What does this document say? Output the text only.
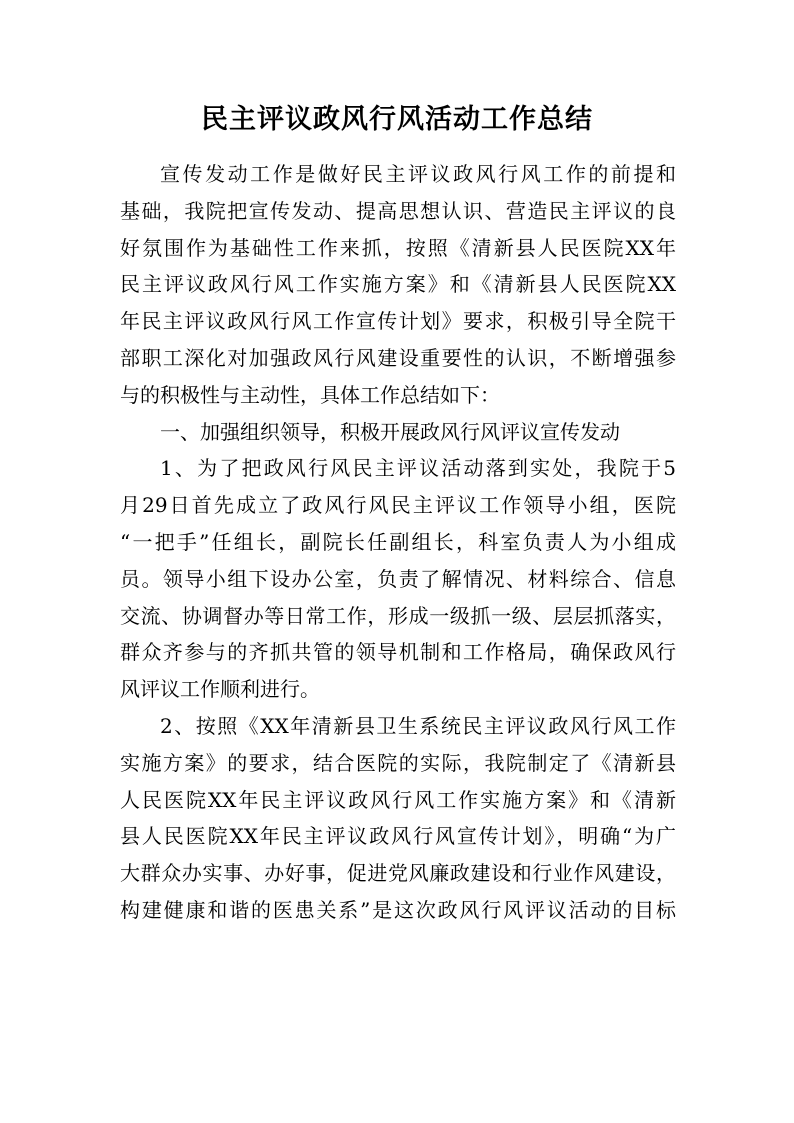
民主评议政风行风活动工作总结
宣传发动工作是做好民主评议政风行风工作的前提和
基础，我院把宣传发动、提高思想认识、营造民主评议的良
好氛围作为基础性工作来抓，按照《清新县人民医院XX年
民主评议政风行风工作实施方案》和《清新县人民医院XX
年民主评议政风行风工作宣传计划》要求，积极引导全院干
部职工深化对加强政风行风建设重要性的认识，不断增强参
与的积极性与主动性，具体工作总结如下：
一、加强组织领导，积极开展政风行风评议宣传发动
1、为了把政风行风民主评议活动落到实处，我院于5
月29日首先成立了政风行风民主评议工作领导小组，医院
“一把手”任组长，副院长任副组长，科室负责人为小组成
员。领导小组下设办公室，负责了解情况、材料综合、信息
交流、协调督办等日常工作，形成一级抓一级、层层抓落实，
群众齐参与的齐抓共管的领导机制和工作格局，确保政风行
风评议工作顺利进行。
2、按照《XX年清新县卫生系统民主评议政风行风工作
实施方案》的要求，结合医院的实际，我院制定了《清新县
人民医院XX年民主评议政风行风工作实施方案》和《清新
县人民医院XX年民主评议政风行风宣传计划》，明确“为广
大群众办实事、办好事，促进党风廉政建设和行业作风建设，
构建健康和谐的医患关系”是这次政风行风评议活动的目标
